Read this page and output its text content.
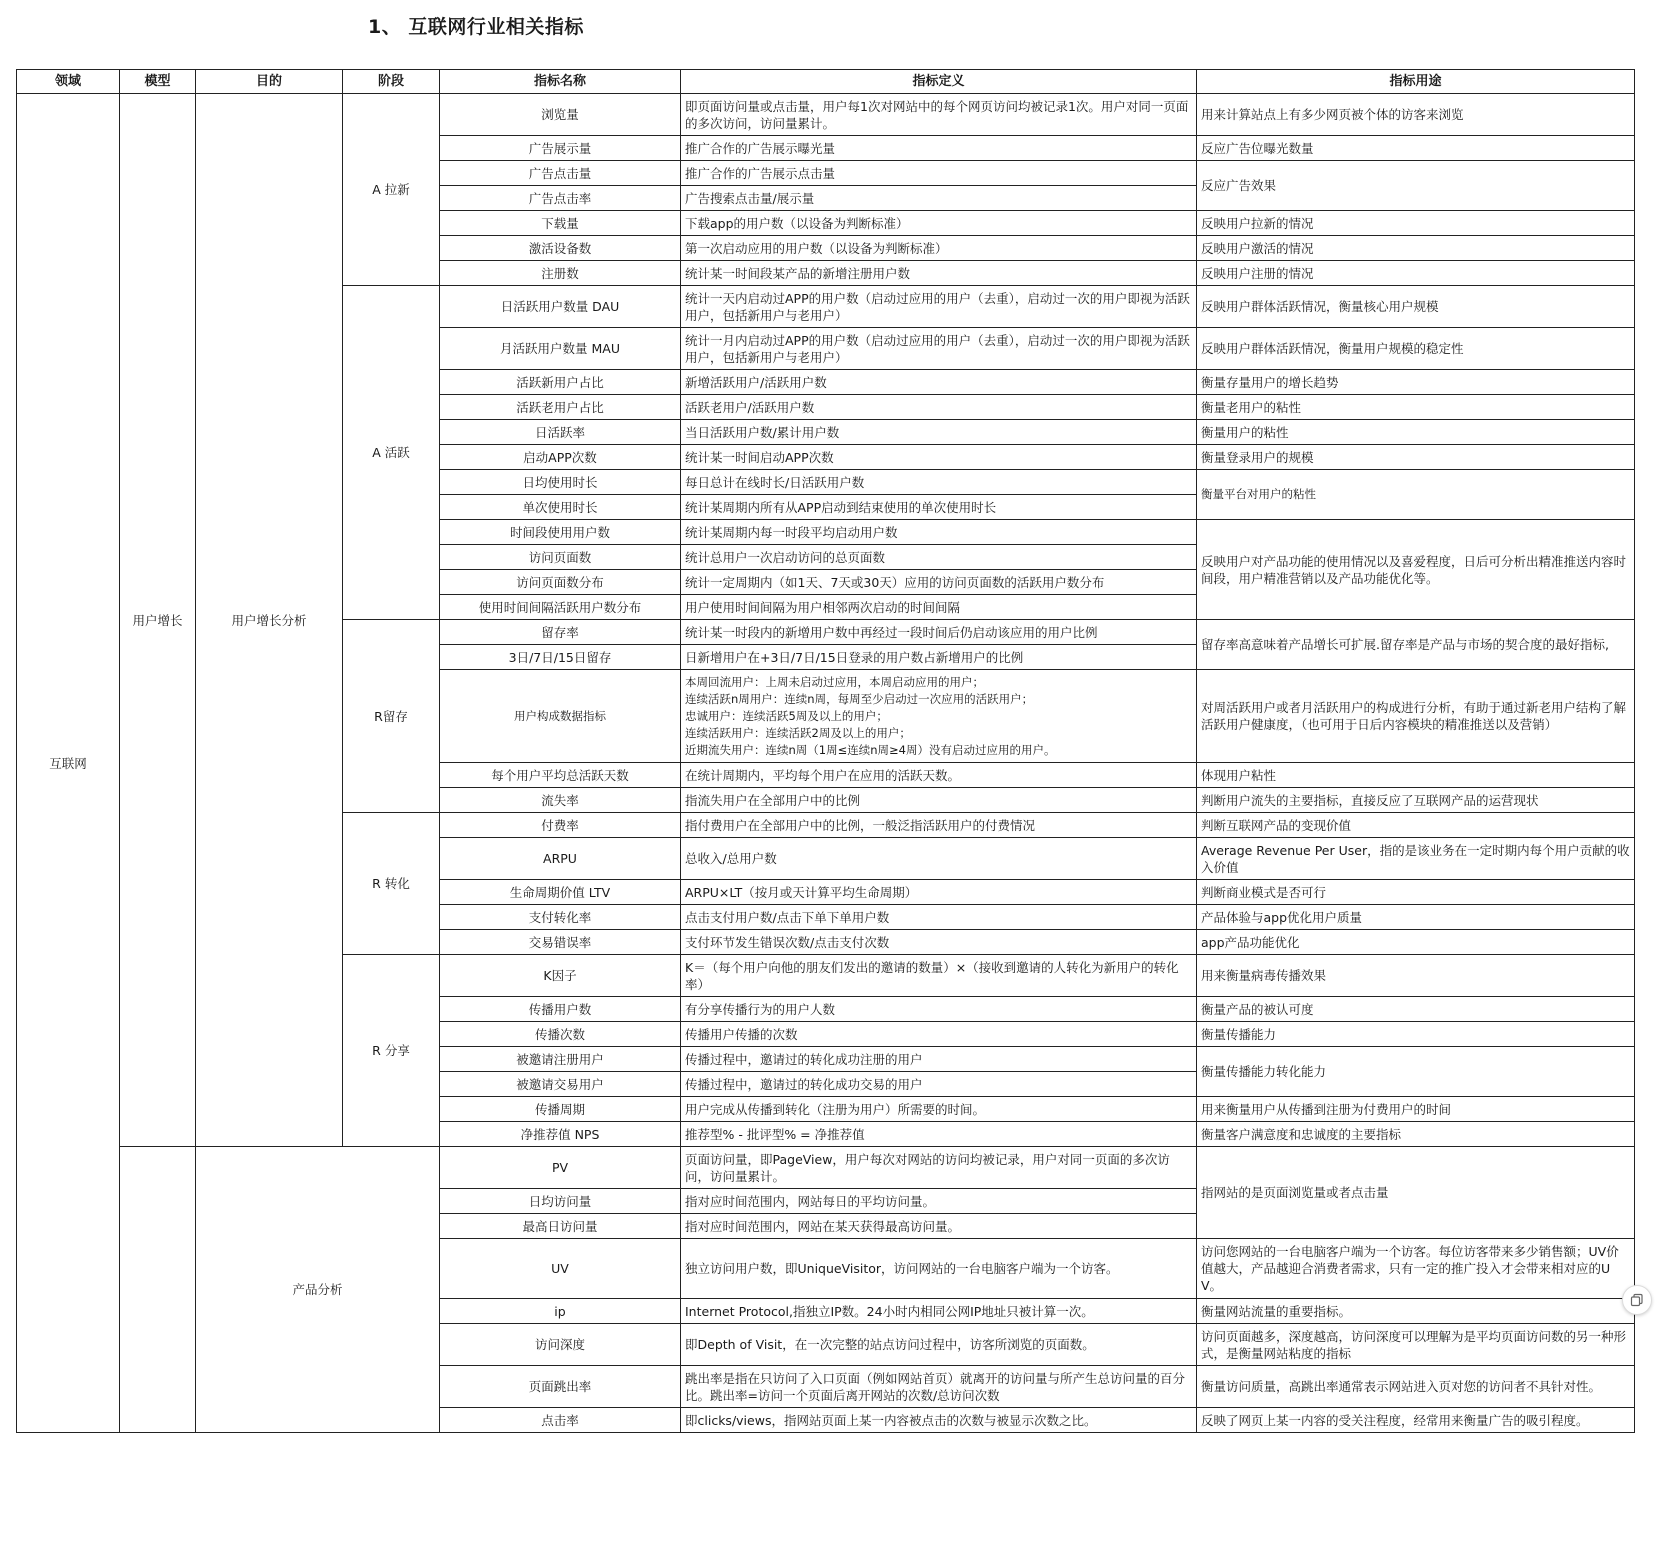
1、 互联网行业相关指标
领域	模型	目的	阶段	指标名称	指标定义	指标用途
互联网	用户增长	用户增长分析	A 拉新	浏览量	即页面访问量或点击量，用户每1次对网站中的每个网页访问均被记录1次。用户对同一页面的多次访问，访问量累计。	用来计算站点上有多少网页被个体的访客来浏览
				广告展示量	推广合作的广告展示曝光量	反应广告位曝光数量
				广告点击量	推广合作的广告展示点击量	反应广告效果
				广告点击率	广告搜索点击量/展示量	
				下载量	下载app的用户数（以设备为判断标准）	反映用户拉新的情况
				激活设备数	第一次启动应用的用户数（以设备为判断标准）	反映用户激活的情况
				注册数	统计某一时间段某产品的新增注册用户数	反映用户注册的情况
			A 活跃	日活跃用户数量 DAU	统计一天内启动过APP的用户数（启动过应用的用户（去重），启动过一次的用户即视为活跃用户，包括新用户与老用户）	反映用户群体活跃情况，衡量核心用户规模
				月活跃用户数量 MAU	统计一月内启动过APP的用户数（启动过应用的用户（去重），启动过一次的用户即视为活跃用户，包括新用户与老用户）	反映用户群体活跃情况，衡量用户规模的稳定性
				活跃新用户占比	新增活跃用户/活跃用户数	衡量存量用户的增长趋势
				活跃老用户占比	活跃老用户/活跃用户数	衡量老用户的粘性
				日活跃率	当日活跃用户数/累计用户数	衡量用户的粘性
				启动APP次数	统计某一时间启动APP次数	衡量登录用户的规模
				日均使用时长	每日总计在线时长/日活跃用户数	衡量平台对用户的粘性
				单次使用时长	统计某周期内所有从APP启动到结束使用的单次使用时长	
				时间段使用用户数	统计某周期内每一时段平均启动用户数	反映用户对产品功能的使用情况以及喜爱程度，日后可分析出精准推送内容时间段，用户精准营销以及产品功能优化等。
				访问页面数	统计总用户一次启动访问的总页面数	
				访问页面数分布	统计一定周期内（如1天、7天或30天）应用的访问页面数的活跃用户数分布	
				使用时间间隔活跃用户数分布	用户使用时间间隔为用户相邻两次启动的时间间隔	
			R留存	留存率	统计某一时段内的新增用户数中再经过一段时间后仍启动该应用的用户比例	留存率高意味着产品增长可扩展.留存率是产品与市场的契合度的最好指标,
				3日/7日/15日留存	日新增用户在+3日/7日/15日登录的用户数占新增用户的比例	
				用户构成数据指标	本周回流用户：上周未启动过应用，本周启动应用的用户；
连续活跃n周用户：连续n周，每周至少启动过一次应用的活跃用户；
忠诚用户：连续活跃5周及以上的用户；
连续活跃用户：连续活跃2周及以上的用户；
近期流失用户：连续n周（1周≤连续n周≥4周）没有启动过应用的用户。	对周活跃用户或者月活跃用户的构成进行分析，有助于通过新老用户结构了解活跃用户健康度，（也可用于日后内容模块的精准推送以及营销）
				每个用户平均总活跃天数	在统计周期内，平均每个用户在应用的活跃天数。	体现用户粘性
				流失率	指流失用户在全部用户中的比例	判断用户流失的主要指标，直接反应了互联网产品的运营现状
			R 转化	付费率	指付费用户在全部用户中的比例，一般泛指活跃用户的付费情况	判断互联网产品的变现价值
				ARPU	总收入/总用户数	Average Revenue Per User，指的是该业务在一定时期内每个用户贡献的收入价值
				生命周期价值 LTV	ARPU×LT（按月或天计算平均生命周期）	判断商业模式是否可行
				支付转化率	点击支付用户数/点击下单下单用户数	产品体验与app优化用户质量
				交易错误率	支付环节发生错误次数/点击支付次数	app产品功能优化
			R 分享	K因子	K＝（每个用户向他的朋友们发出的邀请的数量）×（接收到邀请的人转化为新用户的转化率）	用来衡量病毒传播效果
				传播用户数	有分享传播行为的用户人数	衡量产品的被认可度
				传播次数	传播用户传播的次数	衡量传播能力
				被邀请注册用户	传播过程中，邀请过的转化成功注册的用户	衡量传播能力转化能力
				被邀请交易用户	传播过程中，邀请过的转化成功交易的用户	
				传播周期	用户完成从传播到转化（注册为用户）所需要的时间。	用来衡量用户从传播到注册为付费用户的时间
				净推荐值 NPS	推荐型% - 批评型% = 净推荐值	衡量客户满意度和忠诚度的主要指标
		产品分析		PV	页面访问量，即PageView，用户每次对网站的访问均被记录，用户对同一页面的多次访问，访问量累计。	指网站的是页面浏览量或者点击量
				日均访问量	指对应时间范围内，网站每日的平均访问量。	
				最高日访问量	指对应时间范围内，网站在某天获得最高访问量。	
				UV	独立访问用户数，即UniqueVisitor，访问网站的一台电脑客户端为一个访客。	访问您网站的一台电脑客户端为一个访客。每位访客带来多少销售额；UV价值越大，产品越迎合消费者需求，只有一定的推广投入才会带来相对应的UV。
				ip	Internet Protocol,指独立IP数。24小时内相同公网IP地址只被计算一次。	衡量网站流量的重要指标。
				访问深度	即Depth of Visit，在一次完整的站点访问过程中，访客所浏览的页面数。	访问页面越多，深度越高，访问深度可以理解为是平均页面访问数的另一种形式，是衡量网站粘度的指标
				页面跳出率	跳出率是指在只访问了入口页面（例如网站首页）就离开的访问量与所产生总访问量的百分比。跳出率=访问一个页面后离开网站的次数/总访问次数	衡量访问质量，高跳出率通常表示网站进入页对您的访问者不具针对性。
				点击率	即clicks/views，指网站页面上某一内容被点击的次数与被显示次数之比。	反映了网页上某一内容的受关注程度，经常用来衡量广告的吸引程度。
